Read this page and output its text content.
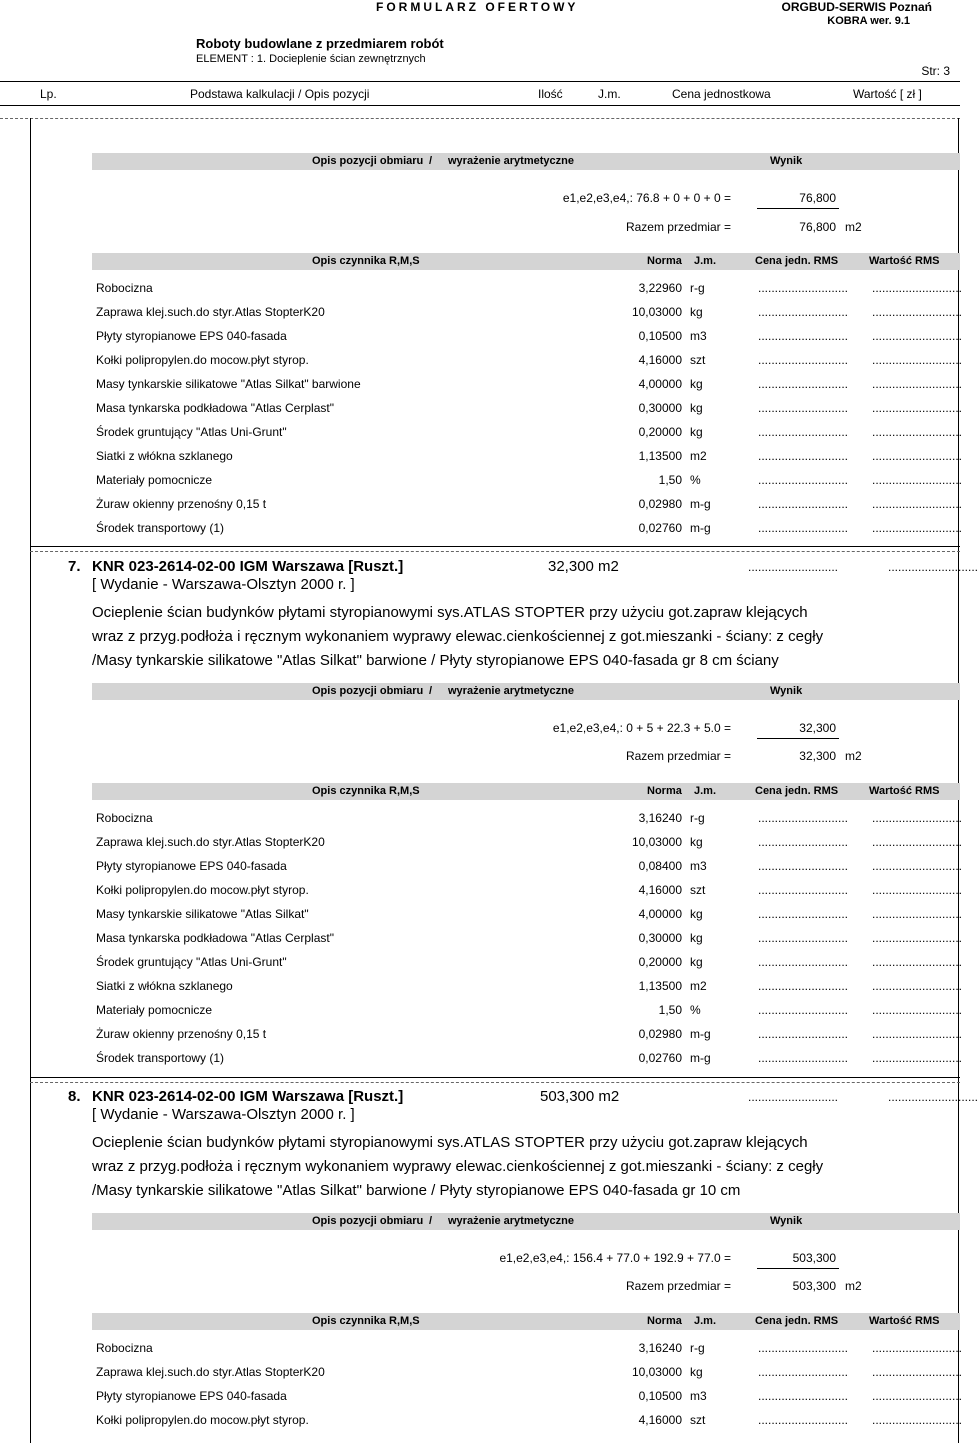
FORMULARZ OFERTOWY	ORGBUD-SERWIS Poznań
KOBRA wer. 9.1
Roboty budowlane z przedmiarem robót
ELEMENT : 1. Docieplenie ścian zewnętrznych
Str: 3
Lp.	Podstawa kalkulacji / Opis pozycji	Ilość	J.m.	Cena jednostkowa	Wartość [ zł ]
Opis pozycji obmiaru / wyrażenie arytmetyczne	Wynik
e1,e2,e3,e4,: 76.8 + 0 + 0 + 0 =	76,800
Razem przedmiar =	76,800 m2
Opis czynnika R,M,S	Norma J.m.	Cena jedn. RMS	Wartość RMS
Robocizna	3,22960 r-g	........................... ...........................
Zaprawa klej.such.do styr.Atlas StopterK20	10,03000 kg	........................... ...........................
Płyty styropianowe EPS 040-fasada	0,10500 m3	........................... ...........................
Kołki polipropylen.do mocow.płyt styrop.	4,16000 szt	........................... ...........................
Masy tynkarskie silikatowe "Atlas Silkat" barwione	4,00000 kg	........................... ...........................
Masa tynkarska podkładowa "Atlas Cerplast"	0,30000 kg	........................... ...........................
Środek gruntujący "Atlas Uni-Grunt"	0,20000 kg	........................... ...........................
Siatki z włókna szklanego	1,13500 m2	........................... ...........................
Materiały pomocnicze	1,50 %	........................... ...........................
Żuraw okienny przenośny 0,15 t	0,02980 m-g	........................... ...........................
Środek transportowy (1)	0,02760 m-g	........................... ...........................
7. KNR 023-2614-02-00 IGM Warszawa [Ruszt.]	32,300 m2	...........................	...........................
[ Wydanie - Warszawa-Olsztyn 2000 r. ]
Ocieplenie ścian budynków płytami styropianowymi sys.ATLAS STOPTER przy użyciu got.zapraw klejących
wraz z przyg.podłoża i ręcznym wykonaniem wyprawy elewac.cienkościennej z got.mieszanki - ściany: z cegły
/Masy tynkarskie silikatowe "Atlas Silkat" barwione / Płyty styropianowe EPS 040-fasada gr 8 cm ściany
Opis pozycji obmiaru / wyrażenie arytmetyczne	Wynik
e1,e2,e3,e4,: 0 + 5 + 22.3 + 5.0 =	32,300
Razem przedmiar =	32,300 m2
Opis czynnika R,M,S	Norma J.m.	Cena jedn. RMS	Wartość RMS
Robocizna	3,16240 r-g	........................... ...........................
Zaprawa klej.such.do styr.Atlas StopterK20	10,03000 kg	........................... ...........................
Płyty styropianowe EPS 040-fasada	0,08400 m3	........................... ...........................
Kołki polipropylen.do mocow.płyt styrop.	4,16000 szt	........................... ...........................
Masy tynkarskie silikatowe "Atlas Silkat"	4,00000 kg	........................... ...........................
Masa tynkarska podkładowa "Atlas Cerplast"	0,30000 kg	........................... ...........................
Środek gruntujący "Atlas Uni-Grunt"	0,20000 kg	........................... ...........................
Siatki z włókna szklanego	1,13500 m2	........................... ...........................
Materiały pomocnicze	1,50 %	........................... ...........................
Żuraw okienny przenośny 0,15 t	0,02980 m-g	........................... ...........................
Środek transportowy (1)	0,02760 m-g	........................... ...........................
8. KNR 023-2614-02-00 IGM Warszawa [Ruszt.]	503,300 m2	...........................	...........................
[ Wydanie - Warszawa-Olsztyn 2000 r. ]
Ocieplenie ścian budynków płytami styropianowymi sys.ATLAS STOPTER przy użyciu got.zapraw klejących
wraz z przyg.podłoża i ręcznym wykonaniem wyprawy elewac.cienkościennej z got.mieszanki - ściany: z cegły
/Masy tynkarskie silikatowe "Atlas Silkat" barwione / Płyty styropianowe EPS 040-fasada gr 10 cm
Opis pozycji obmiaru / wyrażenie arytmetyczne	Wynik
e1,e2,e3,e4,: 156.4 + 77.0 + 192.9 + 77.0 =	503,300
Razem przedmiar =	503,300 m2
Opis czynnika R,M,S	Norma J.m.	Cena jedn. RMS	Wartość RMS
Robocizna	3,16240 r-g	........................... ...........................
Zaprawa klej.such.do styr.Atlas StopterK20	10,03000 kg	........................... ...........................
Płyty styropianowe EPS 040-fasada	0,10500 m3	........................... ...........................
Kołki polipropylen.do mocow.płyt styrop.	4,16000 szt	........................... ...........................
